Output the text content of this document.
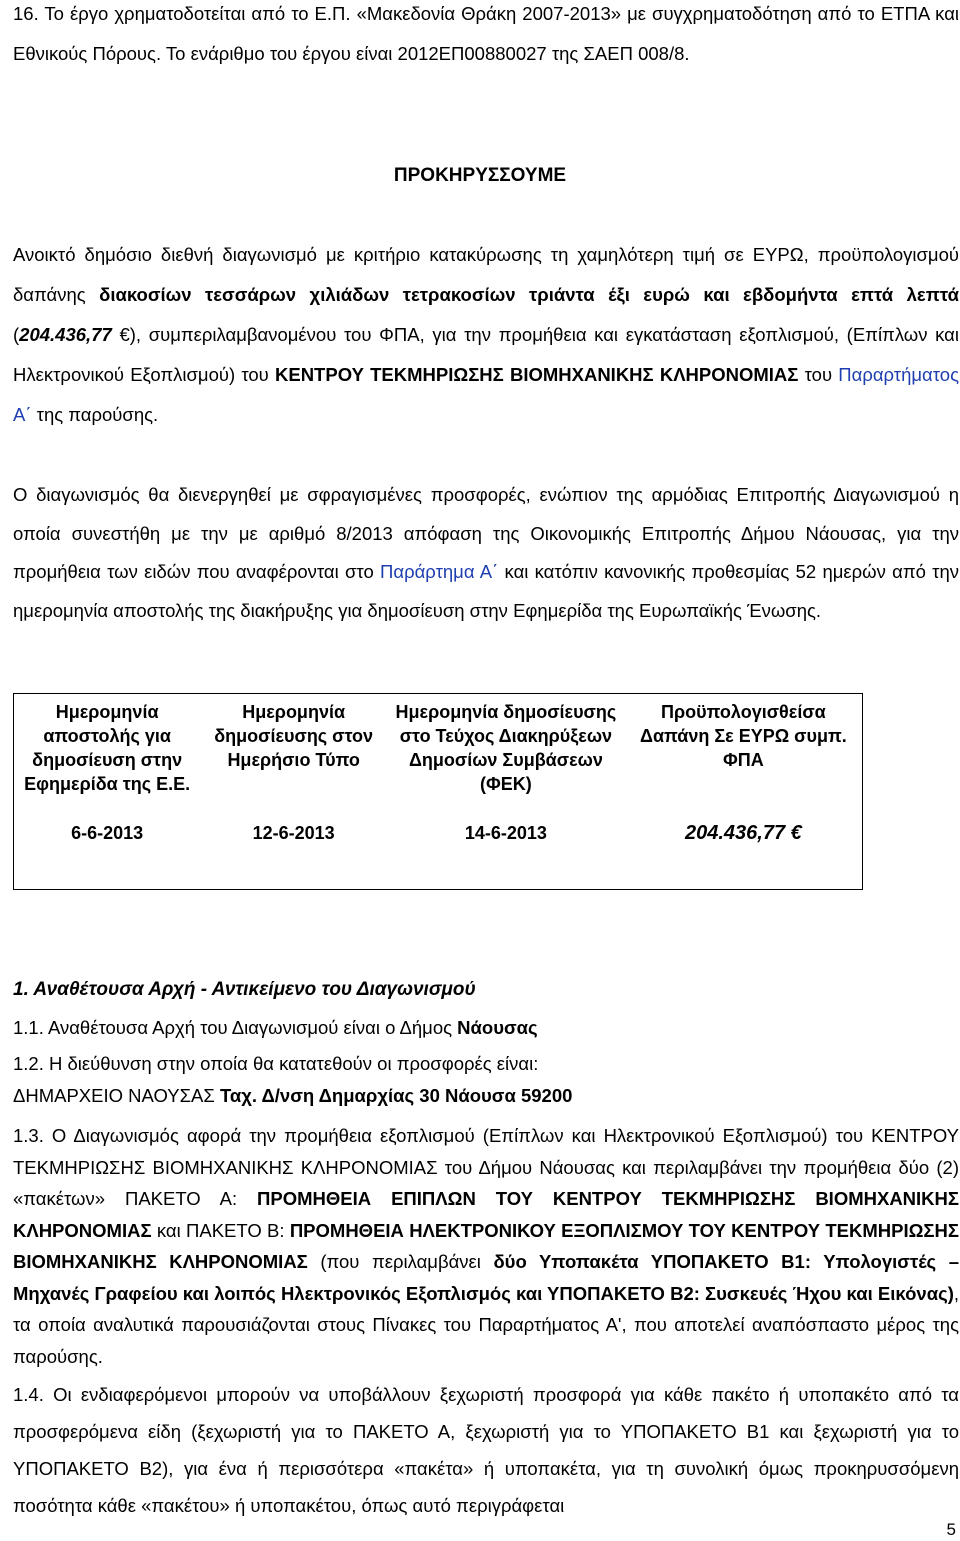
16. Το έργο χρηματοδοτείται από το Ε.Π. «Μακεδονία Θράκη 2007-2013» με συγχρηματοδότηση από το ΕΤΠΑ και Εθνικούς Πόρους. Το ενάριθμο του έργου είναι 2012ΕΠ00880027 της ΣΑΕΠ 008/8.

ΠΡΟΚΗΡΥΣΣΟΥΜΕ

Ανοικτό δημόσιο διεθνή διαγωνισμό με κριτήριο κατακύρωσης τη χαμηλότερη τιμή σε ΕΥΡΩ, προϋπολογισμού δαπάνης διακοσίων τεσσάρων χιλιάδων τετρακοσίων τριάντα έξι ευρώ και εβδομήντα επτά λεπτά (204.436,77 €), συμπεριλαμβανομένου του ΦΠΑ, για την προμήθεια και εγκατάσταση εξοπλισμού, (Επίπλων και Ηλεκτρονικού Εξοπλισμού) του ΚΕΝΤΡΟΥ ΤΕΚΜΗΡΙΩΣΗΣ ΒΙΟΜΗΧΑΝΙΚΗΣ ΚΛΗΡΟΝΟΜΙΑΣ του Παραρτήματος Α΄ της παρούσης.

Ο διαγωνισμός θα διενεργηθεί με σφραγισμένες προσφορές, ενώπιον της αρμόδιας Επιτροπής Διαγωνισμού η οποία συνεστήθη με την με αριθμό 8/2013 απόφαση της Οικονομικής Επιτροπής Δήμου Νάουσας, για την προμήθεια των ειδών που αναφέρονται στο Παράρτημα Α΄ και κατόπιν κανονικής προθεσμίας 52 ημερών από την ημερομηνία αποστολής της διακήρυξης για δημοσίευση στην Εφημερίδα της Ευρωπαϊκής Ένωσης.

Ημερομηνία αποστολής για δημοσίευση στην Εφημερίδα της Ε.Ε.	Ημερομηνία δημοσίευσης στον Ημερήσιο Τύπο	Ημερομηνία δημοσίευσης στο Τεύχος Διακηρύξεων Δημοσίων Συμβάσεων (ΦΕΚ)	Προϋπολογισθείσα Δαπάνη Σε ΕΥΡΩ συμπ. ΦΠΑ
6-6-2013	12-6-2013	14-6-2013	204.436,77 €
1. Αναθέτουσα Αρχή - Αντικείμενο του Διαγωνισμού

1.1. Αναθέτουσα Αρχή του Διαγωνισμού είναι ο Δήμος Νάουσας

1.2. Η διεύθυνση στην οποία θα κατατεθούν οι προσφορές είναι:

ΔΗΜΑΡΧΕΙΟ ΝΑΟΥΣΑΣ Ταχ. Δ/νση Δημαρχίας 30 Νάουσα 59200

1.3. Ο Διαγωνισμός αφορά την προμήθεια εξοπλισμού (Επίπλων και Ηλεκτρονικού Εξοπλισμού) του ΚΕΝΤΡΟΥ ΤΕΚΜΗΡΙΩΣΗΣ ΒΙΟΜΗΧΑΝΙΚΗΣ ΚΛΗΡΟΝΟΜΙΑΣ του Δήμου Νάουσας και περιλαμβάνει την προμήθεια δύο (2) «πακέτων» ΠΑΚΕΤΟ Α: ΠΡΟΜΗΘΕΙΑ ΕΠΙΠΛΩΝ ΤΟΥ ΚΕΝΤΡΟΥ ΤΕΚΜΗΡΙΩΣΗΣ ΒΙΟΜΗΧΑΝΙΚΗΣ ΚΛΗΡΟΝΟΜΙΑΣ και ΠΑΚΕΤΟ Β: ΠΡΟΜΗΘΕΙΑ ΗΛΕΚΤΡΟΝΙΚΟΥ ΕΞΟΠΛΙΣΜΟΥ ΤΟΥ ΚΕΝΤΡΟΥ ΤΕΚΜΗΡΙΩΣΗΣ ΒΙΟΜΗΧΑΝΙΚΗΣ ΚΛΗΡΟΝΟΜΙΑΣ (που περιλαμβάνει δύο Υποπακέτα ΥΠΟΠΑΚΕΤΟ Β1: Υπολογιστές – Μηχανές Γραφείου και λοιπός Ηλεκτρονικός Εξοπλισμός και ΥΠΟΠΑΚΕΤΟ Β2: Συσκευές Ήχου και Εικόνας), τα οποία αναλυτικά παρουσιάζονται στους Πίνακες του Παραρτήματος Α', που αποτελεί αναπόσπαστο μέρος της παρούσης.

1.4. Οι ενδιαφερόμενοι μπορούν να υποβάλλουν ξεχωριστή προσφορά για κάθε πακέτο ή υποπακέτο από τα προσφερόμενα είδη (ξεχωριστή για το ΠΑΚΕΤΟ Α, ξεχωριστή για το ΥΠΟΠΑΚΕΤΟ Β1 και ξεχωριστή για το ΥΠΟΠΑΚΕΤΟ Β2), για ένα ή περισσότερα «πακέτα» ή υποπακέτα, για τη συνολική όμως προκηρυσσόμενη ποσότητα κάθε «πακέτου» ή υποπακέτου, όπως αυτό περιγράφεται

5
